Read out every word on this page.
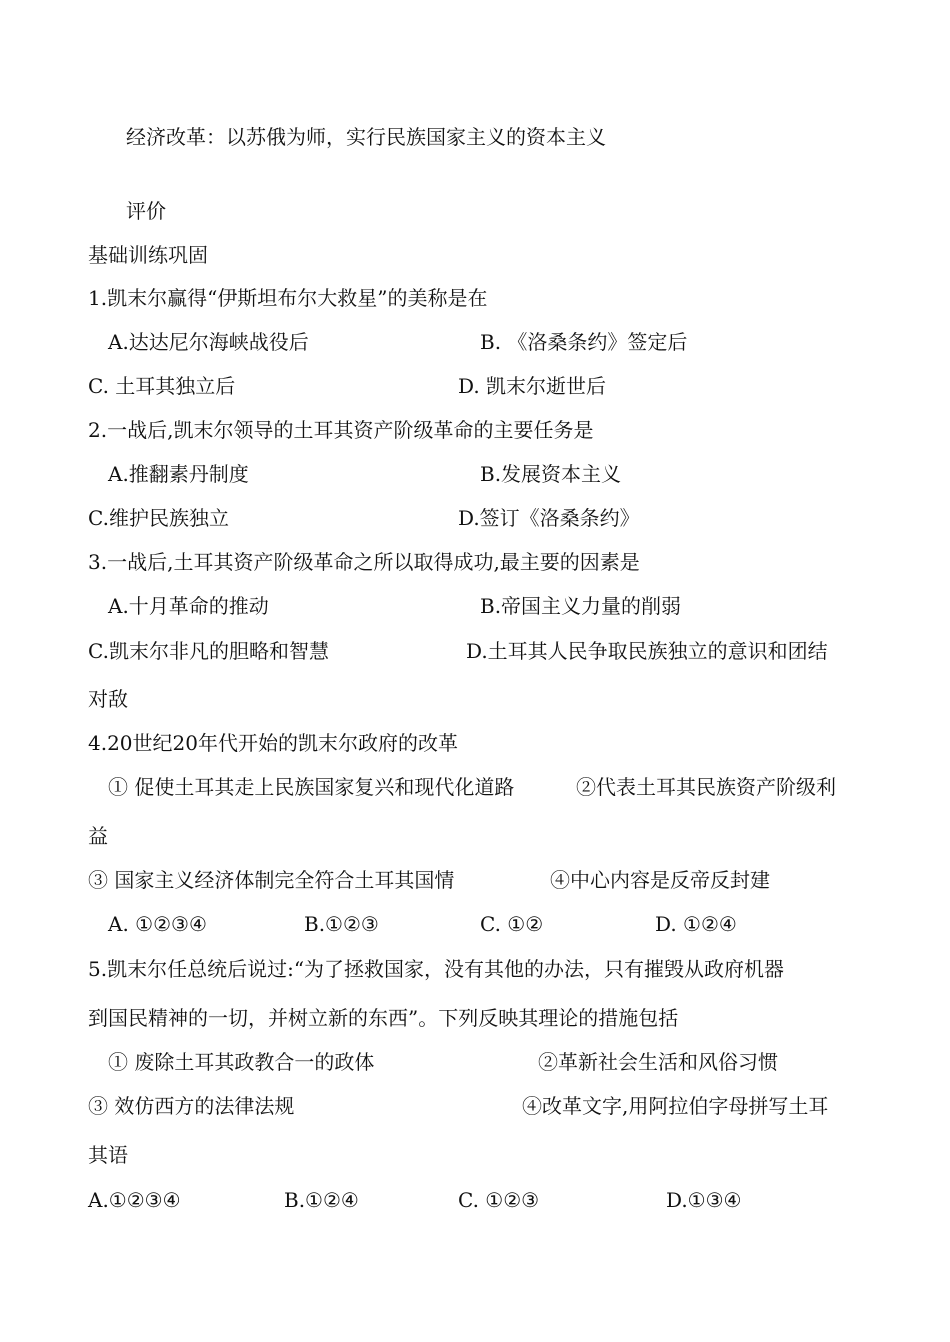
经济改革：以苏俄为师，实行民族国家主义的资本主义
评价
基础训练巩固
1.凯末尔赢得“伊斯坦布尔大救星”的美称是在
A.达达尼尔海峡战役后	B. 《洛桑条约》签定后
C. 土耳其独立后	D. 凯末尔逝世后
2.一战后,凯末尔领导的土耳其资产阶级革命的主要任务是
A.推翻素丹制度	B.发展资本主义
C.维护民族独立	D.签订《洛桑条约》
3.一战后,土耳其资产阶级革命之所以取得成功,最主要的因素是
A.十月革命的推动	B.帝国主义力量的削弱
C.凯末尔非凡的胆略和智慧	D.土耳其人民争取民族独立的意识和团结
对敌
4.20世纪20年代开始的凯末尔政府的改革
① 促使土耳其走上民族国家复兴和现代化道路	②代表土耳其民族资产阶级利
益
③ 国家主义经济体制完全符合土耳其国情	④中心内容是反帝反封建
A. ①②③④	B.①②③	C. ①②	D. ①②④
5.凯末尔任总统后说过:“为了拯救国家，没有其他的办法，只有摧毁从政府机器
到国民精神的一切，并树立新的东西”。下列反映其理论的措施包括
① 废除土耳其政教合一的政体	②革新社会生活和风俗习惯
③ 效仿西方的法律法规	④改革文字,用阿拉伯字母拼写土耳
其语
A.①②③④	B.①②④	C. ①②③	D.①③④
